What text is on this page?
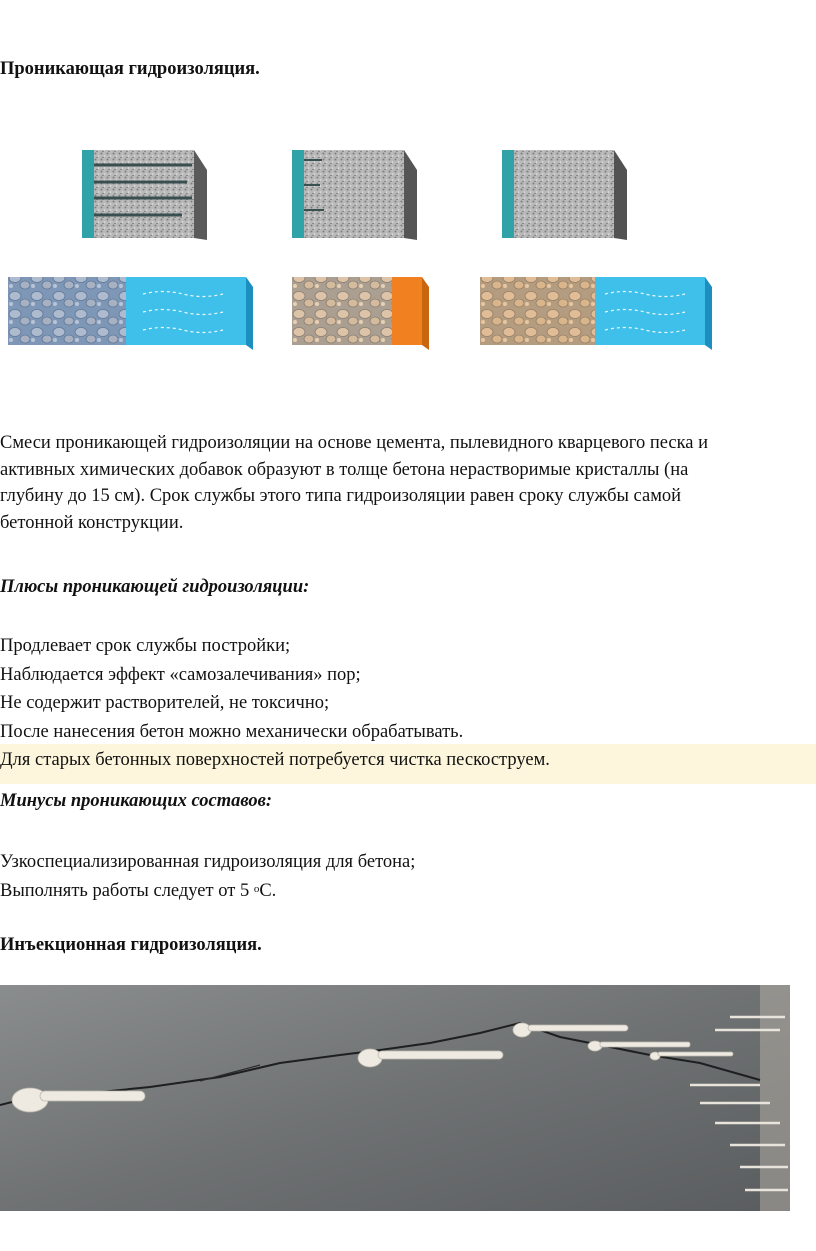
Проникающая гидроизоляция.
Смеси проникающей гидроизоляции на основе цемента, пылевидного кварцевого песка и
активных химических добавок образуют в толще бетона нерастворимые кристаллы (на
глубину до 15 см). Срок службы этого типа гидроизоляции равен сроку службы самой
бетонной конструкции.
Плюсы проникающей гидроизоляции:
Продлевает срок службы постройки;
Наблюдается эффект «самозалечивания» пор;
Не содержит растворителей, не токсично;
После нанесения бетон можно механически обрабатывать.
Для старых бетонных поверхностей потребуется чистка пескоструем.
Минусы проникающих составов:
Узкоспециализированная гидроизоляция для бетона;
Выполнять работы следует от 5 $^о$С.
Инъекционная гидроизоляция.
